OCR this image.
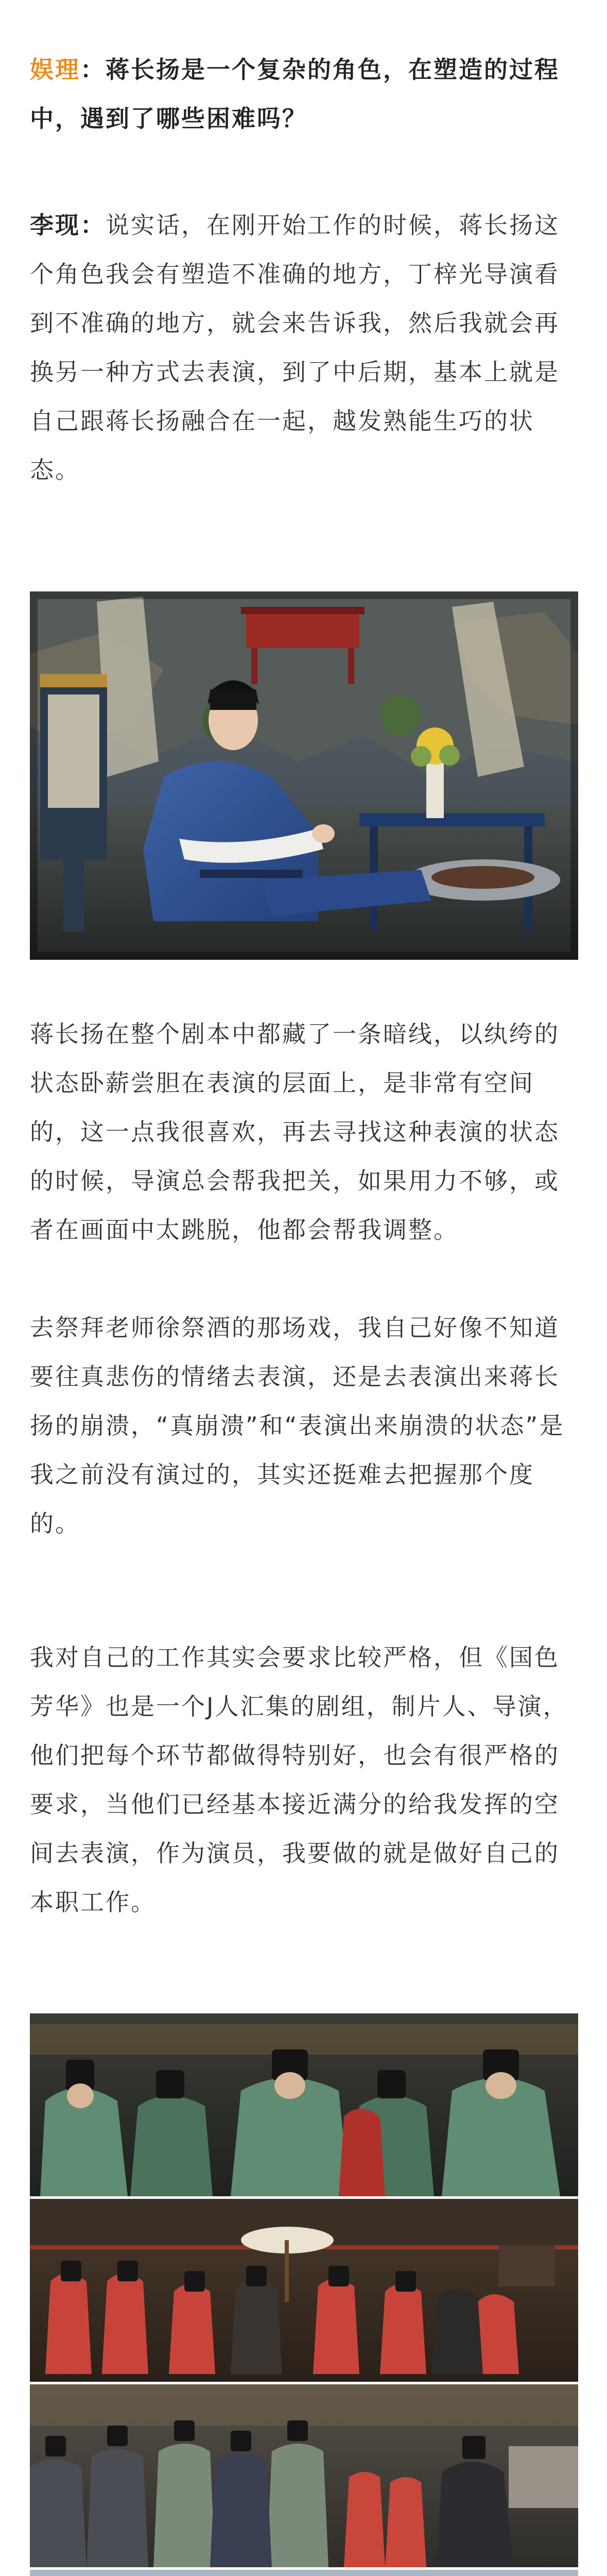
娱理：蒋长扬是一个复杂的角色，在塑造的过程中，遇到了哪些困难吗？

李现：说实话，在刚开始工作的时候，蒋长扬这个角色我会有塑造不准确的地方，丁梓光导演看到不准确的地方，就会来告诉我，然后我就会再换另一种方式去表演，到了中后期，基本上就是自己跟蒋长扬融合在一起，越发熟能生巧的状态。

蒋长扬在整个剧本中都藏了一条暗线，以纨绔的状态卧薪尝胆在表演的层面上，是非常有空间的，这一点我很喜欢，再去寻找这种表演的状态的时候，导演总会帮我把关，如果用力不够，或者在画面中太跳脱，他都会帮我调整。

去祭拜老师徐祭酒的那场戏，我自己好像不知道要往真悲伤的情绪去表演，还是去表演出来蒋长扬的崩溃，“真崩溃”和“表演出来崩溃的状态”是我之前没有演过的，其实还挺难去把握那个度的。

我对自己的工作其实会要求比较严格，但《国色芳华》也是一个J人汇集的剧组，制片人、导演，他们把每个环节都做得特别好，也会有很严格的要求，当他们已经基本接近满分的给我发挥的空间去表演，作为演员，我要做的就是做好自己的本职工作。
